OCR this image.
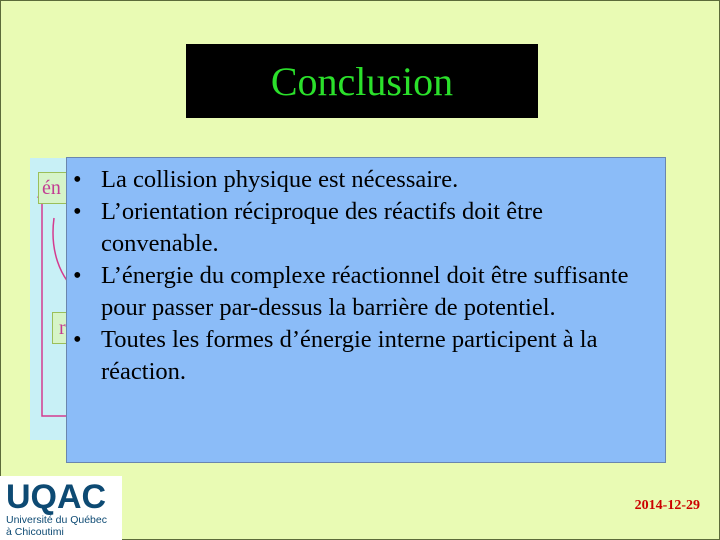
Conclusion
én
r
• La collision physique est nécessaire.
• L’orientation réciproque des réactifs doit être convenable.
• L’énergie du complexe réactionnel doit être suffisante pour passer par-dessus la barrière de potentiel.
• Toutes les formes d’énergie interne participent à la réaction.
UQAC
Université du Québec
à Chicoutimi
2014-12-29
